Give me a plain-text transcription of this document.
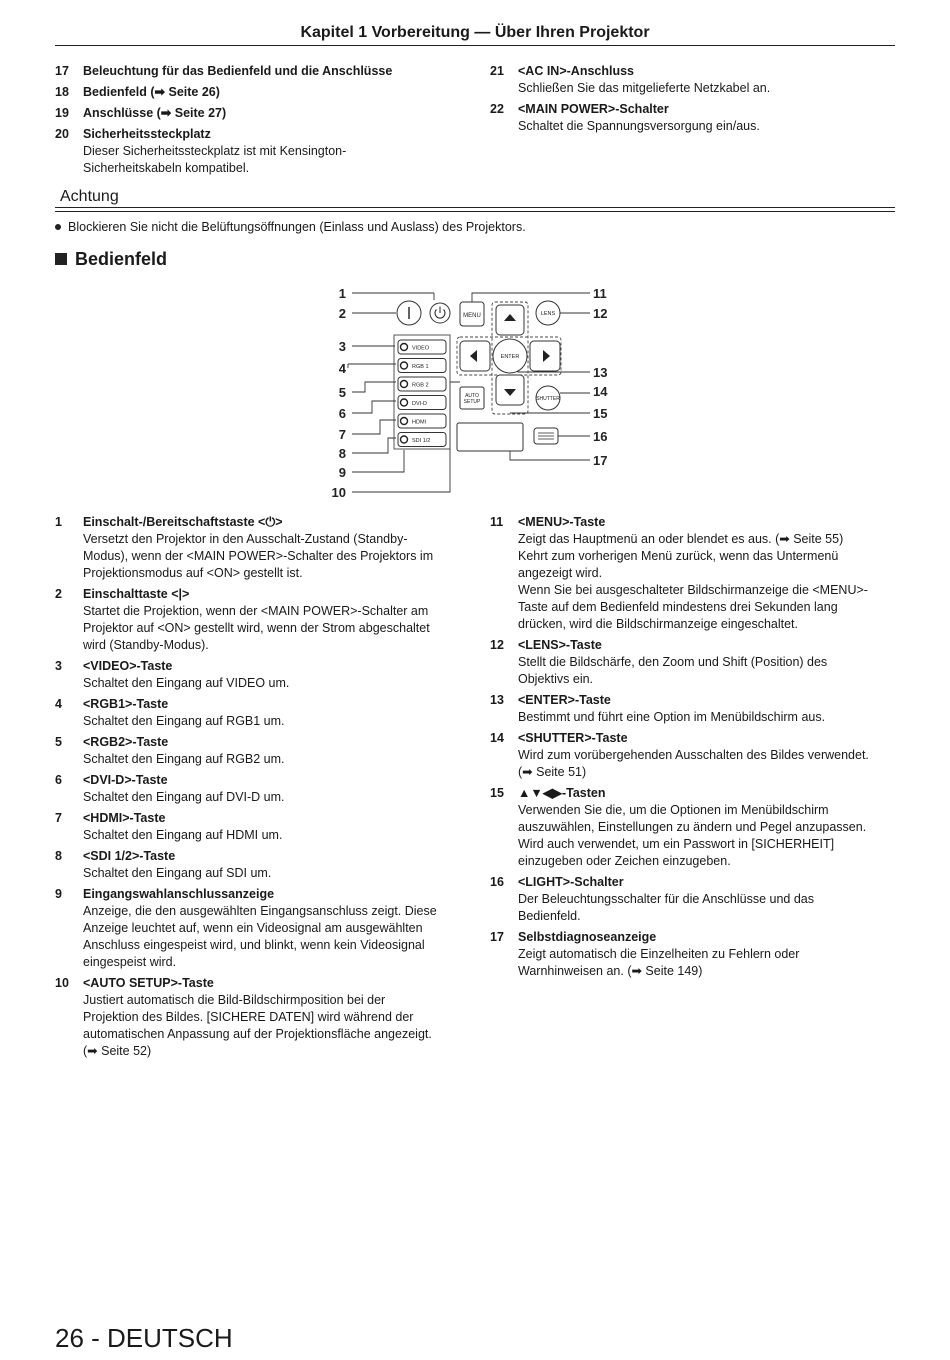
Kapitel 1 Vorbereitung — Über Ihren Projektor
17	Beleuchtung für das Bedienfeld und die Anschlüsse
18	Bedienfeld (➡ Seite 26)
19	Anschlüsse (➡ Seite 27)
20	Sicherheitssteckplatz
Dieser Sicherheitssteckplatz ist mit Kensington-
Sicherheitskabeln kompatibel.
21	<AC IN>-Anschluss
Schließen Sie das mitgelieferte Netzkabel an.
22	<MAIN POWER>-Schalter
Schaltet die Spannungsversorgung ein/aus.
Achtung
Blockieren Sie nicht die Belüftungsöffnungen (Einlass und Auslass) des Projektors.
Bedienfeld
MENU	LENS
ENTER
SHUTTER
AUTO
SETUP
VIDEO
RGB 1
RGB 2
DVI-D
HDMI
SDI 1/2
1
2
3
4
5
6
7
8
9
10
11
12
13
14
15
16
17
1	Einschalt-/Bereitschaftstaste <⏻>
Versetzt den Projektor in den Ausschalt-Zustand (Standby-
Modus), wenn der <MAIN POWER>-Schalter des Projektors im
Projektionsmodus auf <ON> gestellt ist.
2	Einschalttaste <|>
Startet die Projektion, wenn der <MAIN POWER>-Schalter am
Projektor auf <ON> gestellt wird, wenn der Strom abgeschaltet
wird (Standby-Modus).
3	<VIDEO>-Taste
Schaltet den Eingang auf VIDEO um.
4	<RGB1>-Taste
Schaltet den Eingang auf RGB1 um.
5	<RGB2>-Taste
Schaltet den Eingang auf RGB2 um.
6	<DVI-D>-Taste
Schaltet den Eingang auf DVI-D um.
7	<HDMI>-Taste
Schaltet den Eingang auf HDMI um.
8	<SDI 1/2>-Taste
Schaltet den Eingang auf SDI um.
9	Eingangswahlanschlussanzeige
Anzeige, die den ausgewählten Eingangsanschluss zeigt. Diese
Anzeige leuchtet auf, wenn ein Videosignal am ausgewählten
Anschluss eingespeist wird, und blinkt, wenn kein Videosignal
eingespeist wird.
10	<AUTO SETUP>-Taste
Justiert automatisch die Bild-Bildschirmposition bei der
Projektion des Bildes. [SICHERE DATEN] wird während der
automatischen Anpassung auf der Projektionsfläche angezeigt.
(➡ Seite 52)
11	<MENU>-Taste
Zeigt das Hauptmenü an oder blendet es aus. (➡ Seite 55)
Kehrt zum vorherigen Menü zurück, wenn das Untermenü
angezeigt wird.
Wenn Sie bei ausgeschalteter Bildschirmanzeige die <MENU>-
Taste auf dem Bedienfeld mindestens drei Sekunden lang
drücken, wird die Bildschirmanzeige eingeschaltet.
12	<LENS>-Taste
Stellt die Bildschärfe, den Zoom und Shift (Position) des
Objektivs ein.
13	<ENTER>-Taste
Bestimmt und führt eine Option im Menübildschirm aus.
14	<SHUTTER>-Taste
Wird zum vorübergehenden Ausschalten des Bildes verwendet.
(➡ Seite 51)
15	▲▼◀▶-Tasten
Verwenden Sie die, um die Optionen im Menübildschirm
auszuwählen, Einstellungen zu ändern und Pegel anzupassen.
Wird auch verwendet, um ein Passwort in [SICHERHEIT]
einzugeben oder Zeichen einzugeben.
16	<LIGHT>-Schalter
Der Beleuchtungsschalter für die Anschlüsse und das
Bedienfeld.
17	Selbstdiagnoseanzeige
Zeigt automatisch die Einzelheiten zu Fehlern oder
Warnhinweisen an. (➡ Seite 149)
26 - DEUTSCH
